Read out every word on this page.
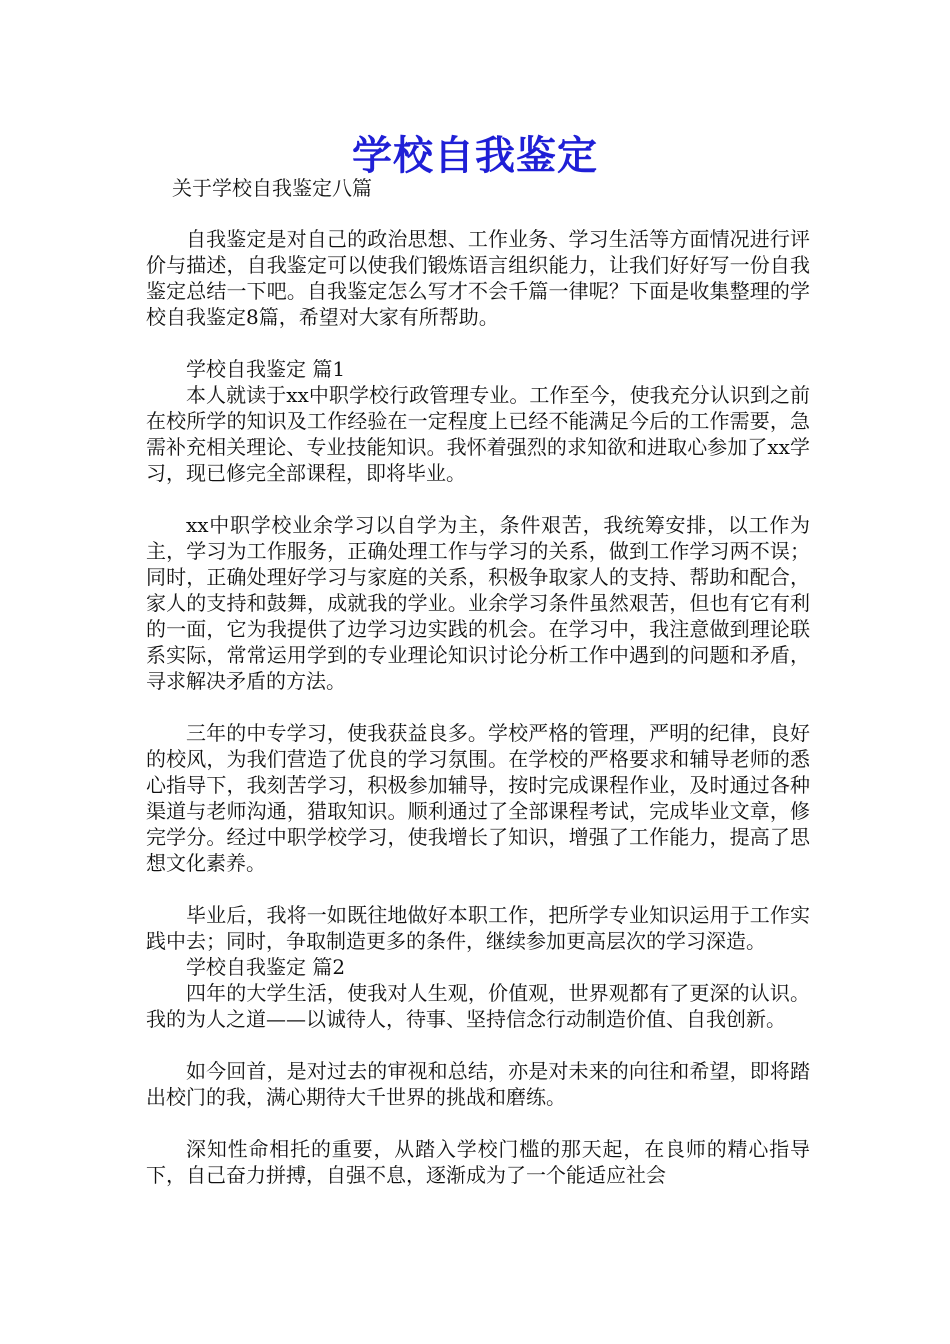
学校自我鉴定
关于学校自我鉴定八篇

自我鉴定是对自己的政治思想、工作业务、学习生活等方面情况进行评价与描述，自我鉴定可以使我们锻炼语言组织能力，让我们好好写一份自我鉴定总结一下吧。自我鉴定怎么写才不会千篇一律呢？下面是收集整理的学校自我鉴定8篇，希望对大家有所帮助。

学校自我鉴定 篇1

本人就读于xx中职学校行政管理专业。工作至今，使我充分认识到之前在校所学的知识及工作经验在一定程度上已经不能满足今后的工作需要，急需补充相关理论、专业技能知识。我怀着强烈的求知欲和进取心参加了xx学习，现已修完全部课程，即将毕业。

xx中职学校业余学习以自学为主，条件艰苦，我统筹安排，以工作为主，学习为工作服务，正确处理工作与学习的关系，做到工作学习两不误；同时，正确处理好学习与家庭的关系，积极争取家人的支持、帮助和配合，家人的支持和鼓舞，成就我的学业。业余学习条件虽然艰苦，但也有它有利的一面，它为我提供了边学习边实践的机会。在学习中，我注意做到理论联系实际，常常运用学到的专业理论知识讨论分析工作中遇到的问题和矛盾，寻求解决矛盾的方法。

三年的中专学习，使我获益良多。学校严格的管理，严明的纪律，良好的校风，为我们营造了优良的学习氛围。在学校的严格要求和辅导老师的悉心指导下，我刻苦学习，积极参加辅导，按时完成课程作业，及时通过各种渠道与老师沟通，猎取知识。顺利通过了全部课程考试，完成毕业文章，修完学分。经过中职学校学习，使我增长了知识，增强了工作能力，提高了思想文化素养。

毕业后，我将一如既往地做好本职工作，把所学专业知识运用于工作实践中去；同时，争取制造更多的条件，继续参加更高层次的学习深造。

学校自我鉴定 篇2

四年的大学生活，使我对人生观，价值观，世界观都有了更深的认识。我的为人之道——以诚待人，待事、坚持信念行动制造价值、自我创新。

如今回首，是对过去的审视和总结，亦是对未来的向往和希望，即将踏出校门的我，满心期待大千世界的挑战和磨练。

深知性命相托的重要，从踏入学校门槛的那天起，在良师的精心指导下，自己奋力拼搏，自强不息，逐渐成为了一个能适应社会
